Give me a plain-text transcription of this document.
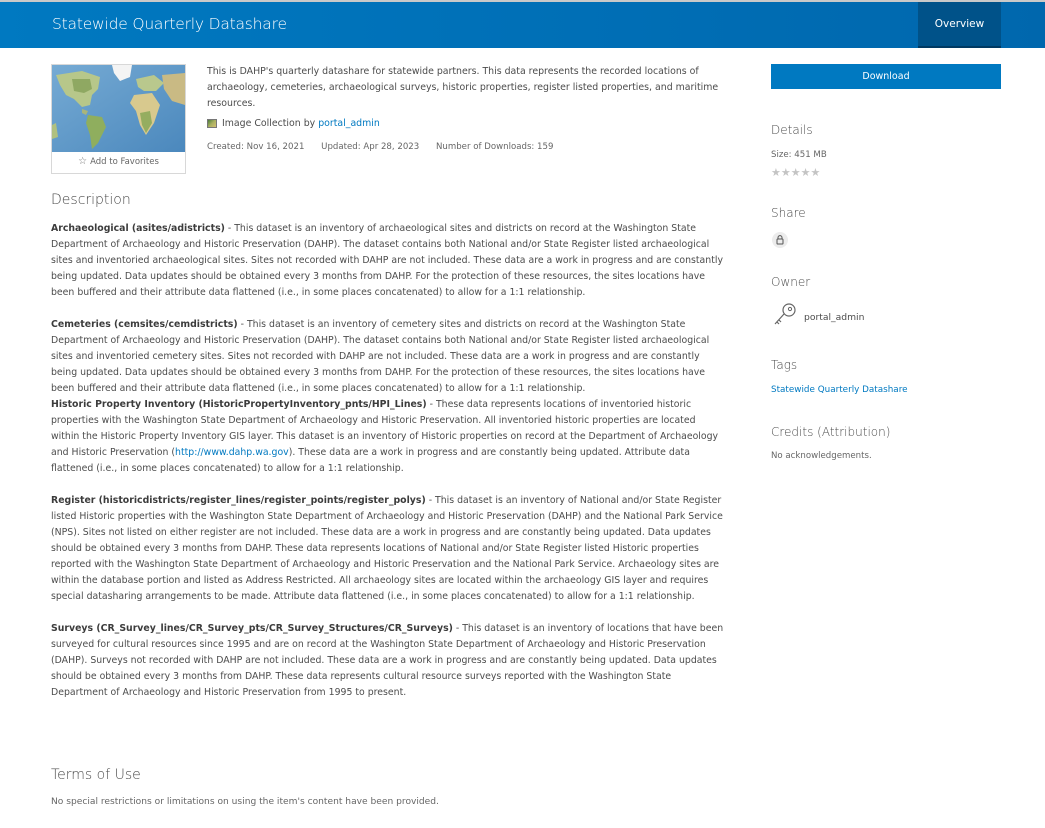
Statewide Quarterly Datashare	Overview
☆ Add to Favorites
This is DAHP's quarterly datashare for statewide partners. This data represents the recorded locations of archaeology, cemeteries, archaeological surveys, historic properties, register listed properties, and maritime resources.
Image Collection by
portal_admin
Created: Nov 16, 2021 Updated: Apr 28, 2023 Number of Downloads: 159
Description

Archaeological (asites/adistricts) - This dataset is an inventory of archaeological sites and districts on record at the Washington State Department of Archaeology and Historic Preservation (DAHP). The dataset contains both National and/or State Register listed archaeological sites and inventoried archaeological sites. Sites not recorded with DAHP are not included. These data are a work in progress and are constantly being updated. Data updates should be obtained every 3 months from DAHP. For the protection of these resources, the sites locations have been buffered and their attribute data flattened (i.e., in some places concatenated) to allow for a 1:1 relationship.

Cemeteries (cemsites/cemdistricts) - This dataset is an inventory of cemetery sites and districts on record at the Washington State Department of Archaeology and Historic Preservation (DAHP). The dataset contains both National and/or State Register listed archaeological sites and inventoried cemetery sites. Sites not recorded with DAHP are not included. These data are a work in progress and are constantly being updated. Data updates should be obtained every 3 months from DAHP. For the protection of these resources, the sites locations have been buffered and their attribute data flattened (i.e., in some places concatenated) to allow for a 1:1 relationship.

Historic Property Inventory (HistoricPropertyInventory_pnts/HPI_Lines) - These data represents locations of inventoried historic properties with the Washington State Department of Archaeology and Historic Preservation. All inventoried historic properties are located within the Historic Property Inventory GIS layer. This dataset is an inventory of Historic properties on record at the Department of Archaeology and Historic Preservation (http://www.dahp.wa.gov). These data are a work in progress and are constantly being updated. Attribute data flattened (i.e., in some places concatenated) to allow for a 1:1 relationship.

Register (historicdistricts/register_lines/register_points/register_polys) - This dataset is an inventory of National and/or State Register listed Historic properties with the Washington State Department of Archaeology and Historic Preservation (DAHP) and the National Park Service (NPS). Sites not listed on either register are not included. These data are a work in progress and are constantly being updated. Data updates should be obtained every 3 months from DAHP. These data represents locations of National and/or State Register listed Historic properties reported with the Washington State Department of Archaeology and Historic Preservation and the National Park Service. Archaeology sites are within the database portion and listed as Address Restricted. All archaeology sites are located within the archaeology GIS layer and requires special datasharing arrangements to be made. Attribute data flattened (i.e., in some places concatenated) to allow for a 1:1 relationship.

Surveys (CR_Survey_lines/CR_Survey_pts/CR_Survey_Structures/CR_Surveys) - This dataset is an inventory of locations that have been surveyed for cultural resources since 1995 and are on record at the Washington State Department of Archaeology and Historic Preservation (DAHP). Surveys not recorded with DAHP are not included. These data are a work in progress and are constantly being updated. Data updates should be obtained every 3 months from DAHP. These data represents cultural resource surveys reported with the Washington State Department of Archaeology and Historic Preservation from 1995 to present.

Terms of Use
No special restrictions or limitations on using the item's content have been provided.
Download
Details
Size: 451 MB
★★★★★
Share
Owner
portal_admin
Tags
Statewide Quarterly Datashare
Credits (Attribution)
No acknowledgements.
